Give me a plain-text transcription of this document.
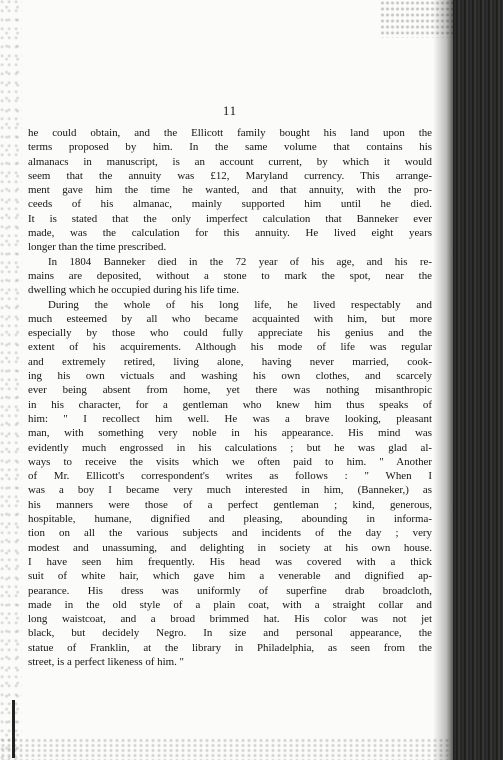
11
he could obtain, and the Ellicott family bought his land upon the
terms proposed by him. In the same volume that contains his
almanacs in manuscript, is an account current, by which it would
seem that the annuity was £12, Maryland currency. This arrange-
ment gave him the time he wanted, and that annuity, with the pro-
ceeds of his almanac, mainly supported him until he died.
It is stated that the only imperfect calculation that Banneker ever
made, was the calculation for this annuity. He lived eight years
longer than the time prescribed.
In 1804 Banneker died in the 72 year of his age, and his re-
mains are deposited, without a stone to mark the spot, near the
dwelling which he occupied during his life time.
During the whole of his long life, he lived respectably and
much esteemed by all who became acquainted with him, but more
especially by those who could fully appreciate his genius and the
extent of his acquirements. Although his mode of life was regular
and extremely retired, living alone, having never married, cook-
ing his own victuals and washing his own clothes, and scarcely
ever being absent from home, yet there was nothing misanthropic
in his character, for a gentleman who knew him thus speaks of
him: " I recollect him well. He was a brave looking, pleasant
man, with something very noble in his appearance. His mind was
evidently much engrossed in his calculations ; but he was glad al-
ways to receive the visits which we often paid to him. " Another
of Mr. Ellicott's correspondent's writes as follows : " When I
was a boy I became very much interested in him, (Banneker,) as
his manners were those of a perfect gentleman ; kind, generous,
hospitable, humane, dignified and pleasing, abounding in informa-
tion on all the various subjects and incidents of the day ; very
modest and unassuming, and delighting in society at his own house.
I have seen him frequently. His head was covered with a thick
suit of white hair, which gave him a venerable and dignified ap-
pearance. His dress was uniformly of superfine drab broadcloth,
made in the old style of a plain coat, with a straight collar and
long waistcoat, and a broad brimmed hat. His color was not jet
black, but decidely Negro. In size and personal appearance, the
statue of Franklin, at the library in Philadelphia, as seen from the
street, is a perfect likeness of him. "
